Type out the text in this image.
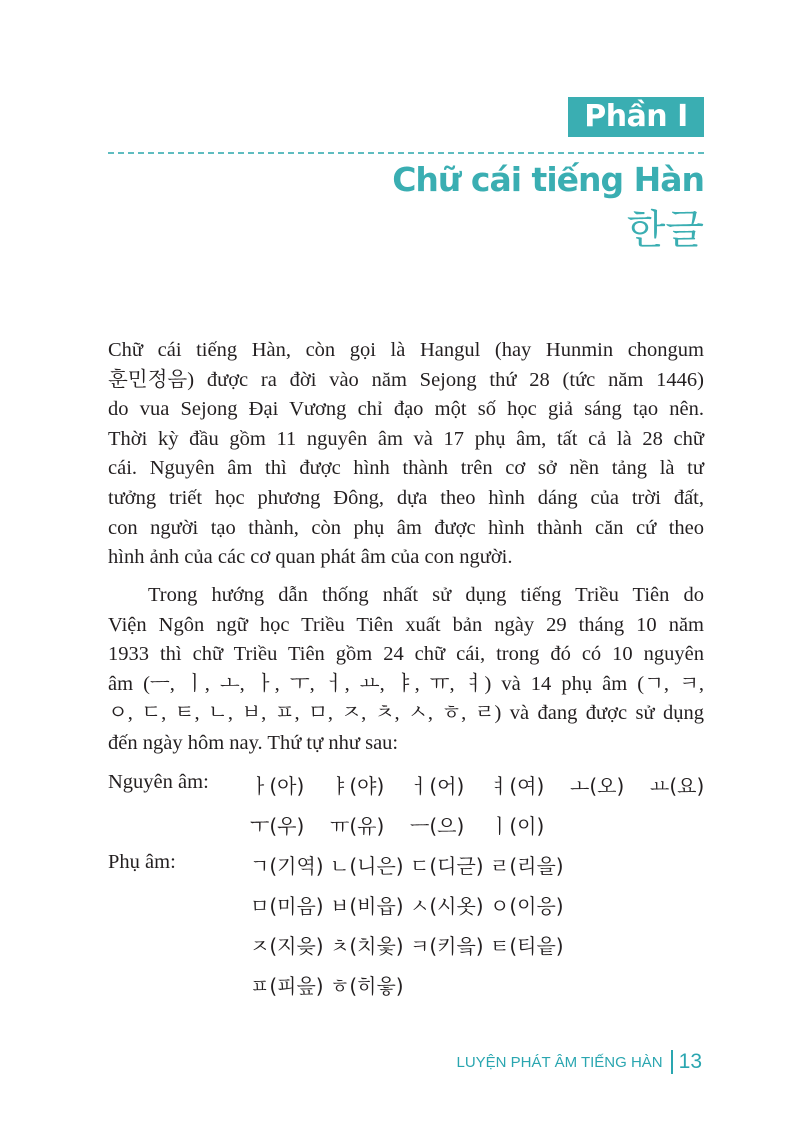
Phần I
Chữ cái tiếng Hàn
한글
Chữ cái tiếng Hàn, còn gọi là Hangul (hay Hunmin chongum
훈민정음) được ra đời vào năm Sejong thứ 28 (tức năm 1446)
do vua Sejong Đại Vương chỉ đạo một số học giả sáng tạo nên.
Thời kỳ đầu gồm 11 nguyên âm và 17 phụ âm, tất cả là 28 chữ
cái. Nguyên âm thì được hình thành trên cơ sở nền tảng là tư
tưởng triết học phương Đông, dựa theo hình dáng của trời đất,
con người tạo thành, còn phụ âm được hình thành căn cứ theo
hình ảnh của các cơ quan phát âm của con người.
Trong hướng dẫn thống nhất sử dụng tiếng Triều Tiên do
Viện Ngôn ngữ học Triều Tiên xuất bản ngày 29 tháng 10 năm
1933 thì chữ Triều Tiên gồm 24 chữ cái, trong đó có 10 nguyên
âm (ㅡ, ㅣ, ㅗ, ㅏ, ㅜ, ㅓ, ㅛ, ㅑ, ㅠ, ㅕ) và 14 phụ âm (ㄱ, ㅋ,
ㅇ, ㄷ, ㅌ, ㄴ, ㅂ, ㅍ, ㅁ, ㅈ, ㅊ, ㅅ, ㅎ, ㄹ) và đang được sử dụng
đến ngày hôm nay. Thứ tự như sau:
Nguyên âm: ㅏ(아) ㅑ(야) ㅓ(어) ㅕ(여) ㅗ(오) ㅛ(요)
ㅜ(우) ㅠ(유) ㅡ(으) ㅣ(이)
Phụ âm:	ㄱ(기역) ㄴ(니은) ㄷ(디귿) ㄹ(리을)
ㅁ(미음) ㅂ(비읍) ㅅ(시옷) ㅇ(이응)
ㅈ(지읒) ㅊ(치읓) ㅋ(키읔) ㅌ(티읕)
ㅍ(피읖) ㅎ(히읗)
LUYỆN PHÁT ÂM TIẾNG HÀN 13
